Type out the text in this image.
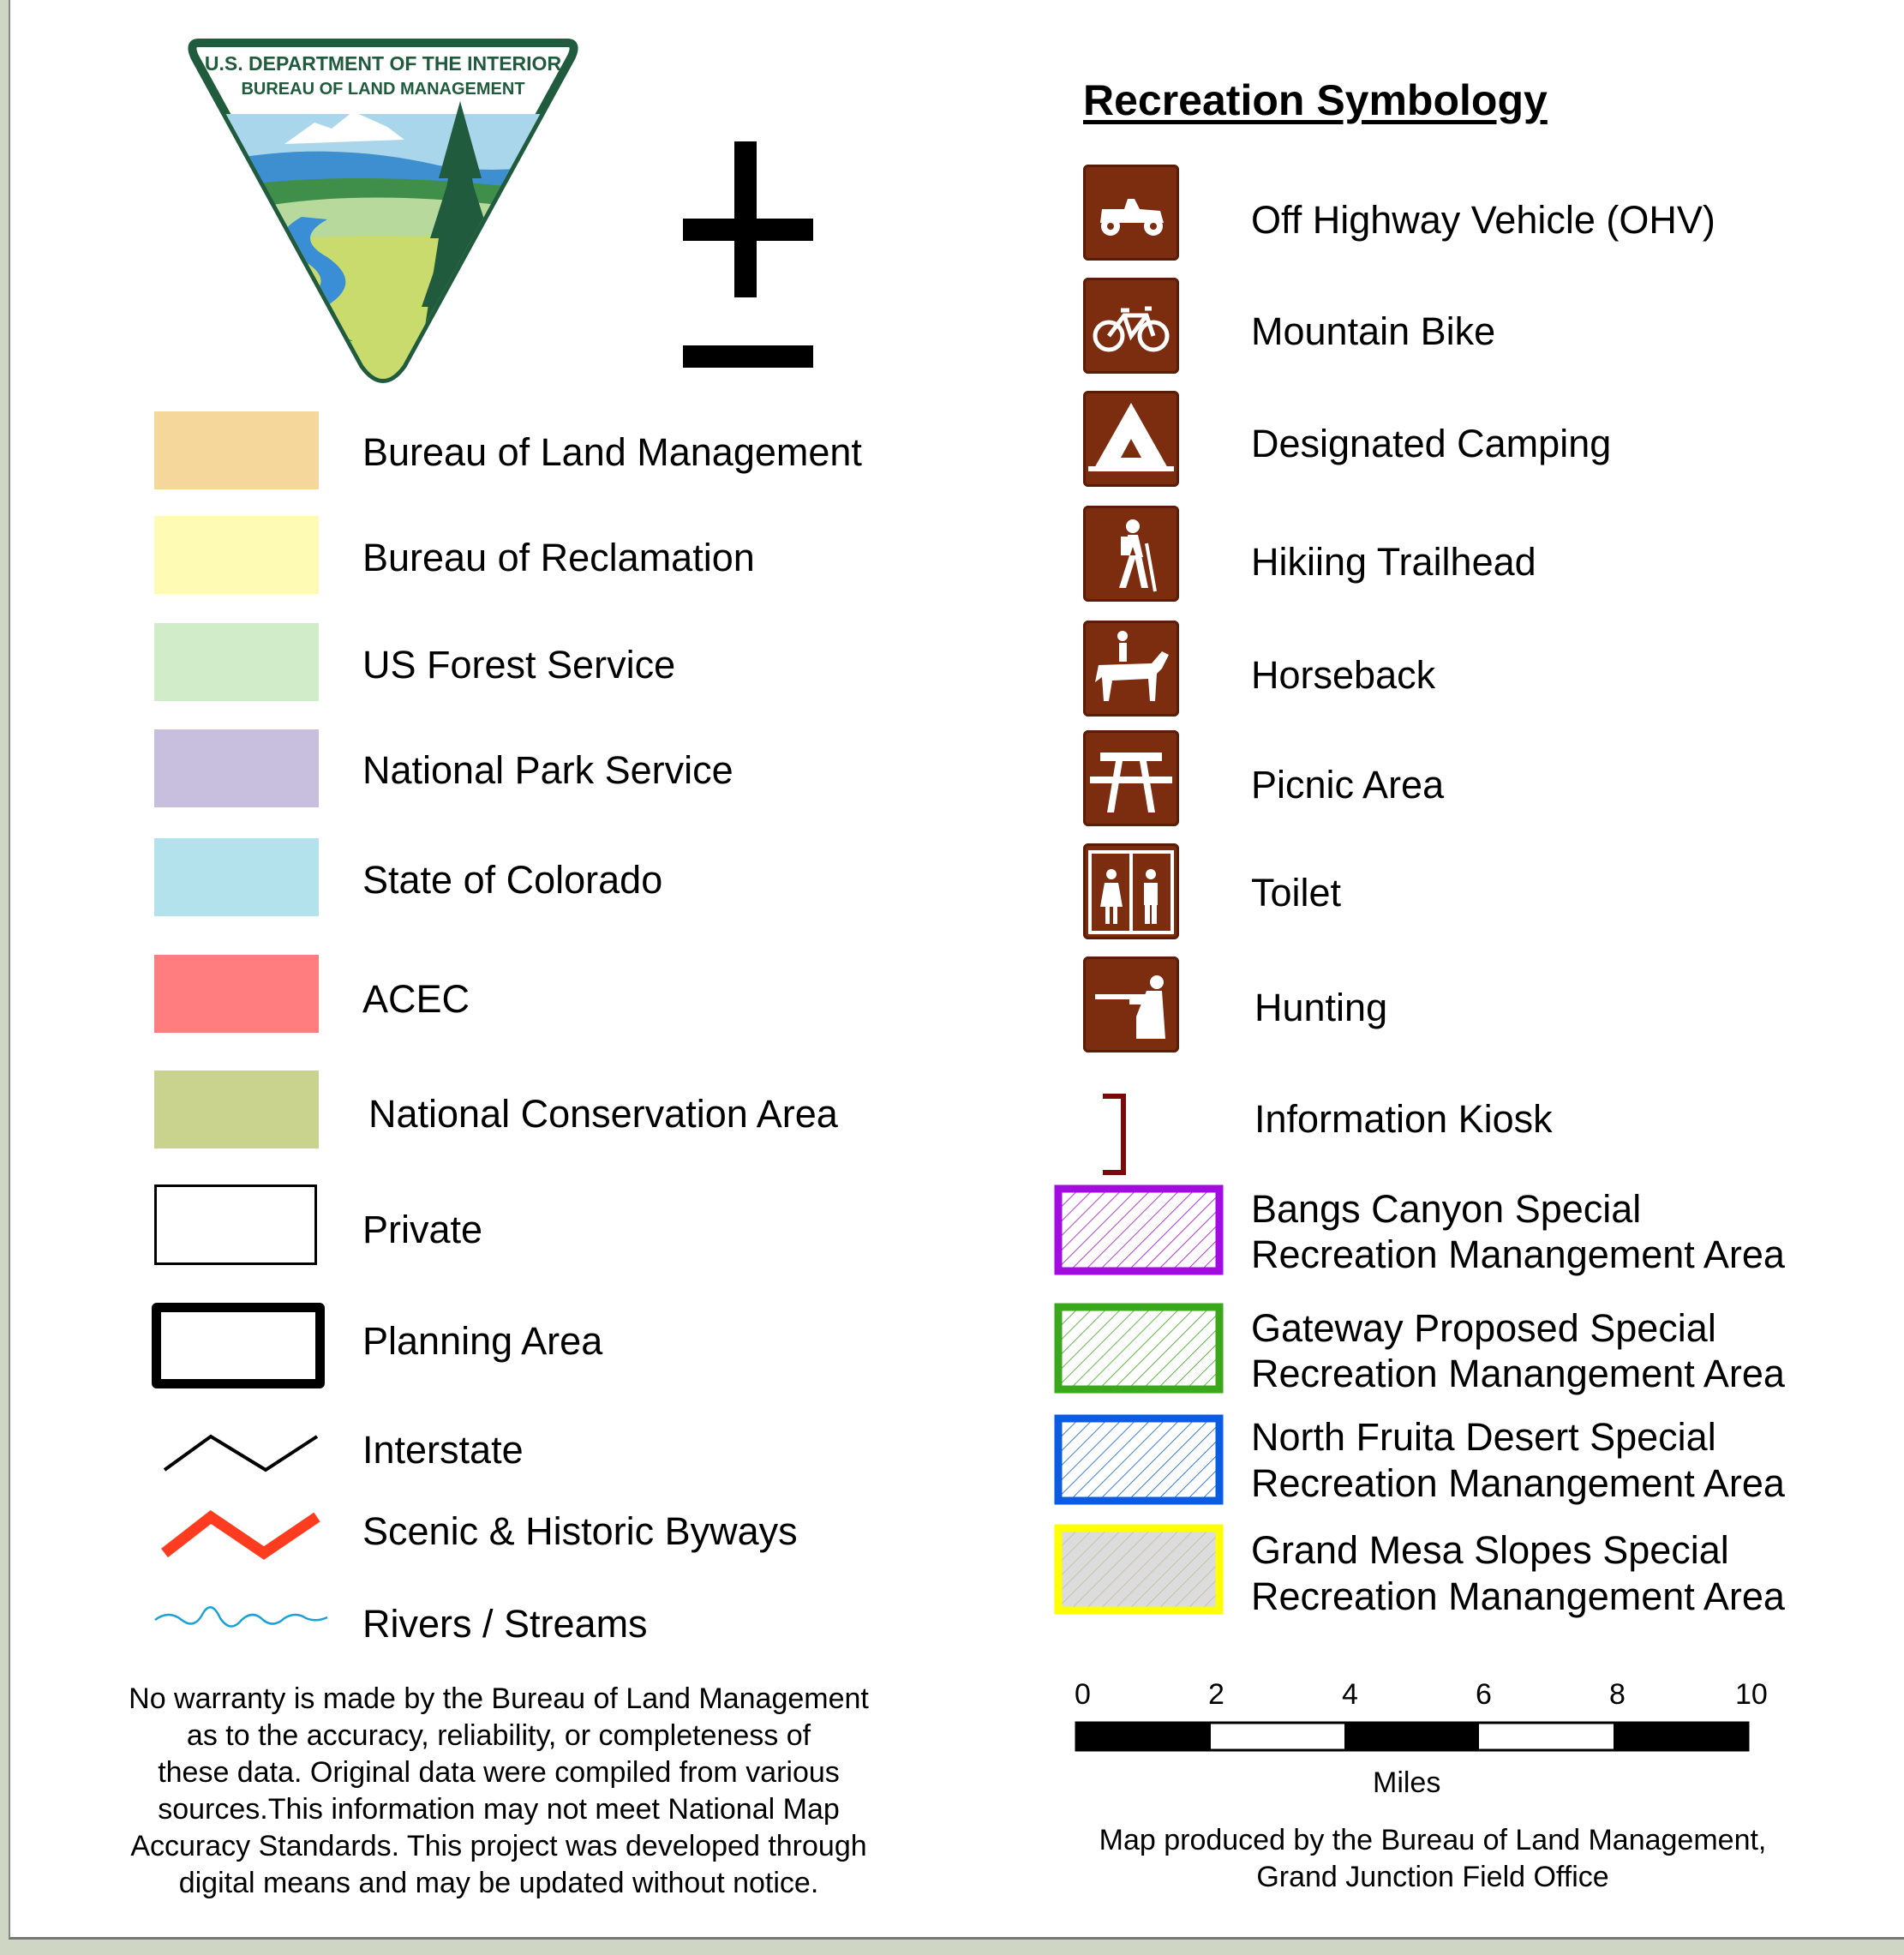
U.S. DEPARTMENT OF THE INTERIOR
BUREAU OF LAND MANAGEMENT
Bureau of Land Management
Bureau of Reclamation
US Forest Service
National Park Service
State of Colorado
ACEC
National Conservation Area
Private
Planning Area
Interstate
Scenic & Historic Byways
Rivers / Streams
No warranty is made by the Bureau of Land Management
as to the accuracy, reliability, or completeness of
these data. Original data were compiled from various
sources.This information may not meet National Map
Accuracy Standards. This project was developed through
digital means and may be updated without notice.
Recreation Symbology
Off Highway Vehicle (OHV)
Mountain Bike
Designated Camping
Hikiing Trailhead
Horseback
Picnic Area
Toilet
Hunting
Information Kiosk
Bangs Canyon Special
Recreation Manangement Area
Gateway Proposed Special
Recreation Manangement Area
North Fruita Desert Special
Recreation Manangement Area
Grand Mesa Slopes Special
Recreation Manangement Area
0	2	4	6	8	10
Miles
Map produced by the Bureau of Land Management,
Grand Junction Field Office
